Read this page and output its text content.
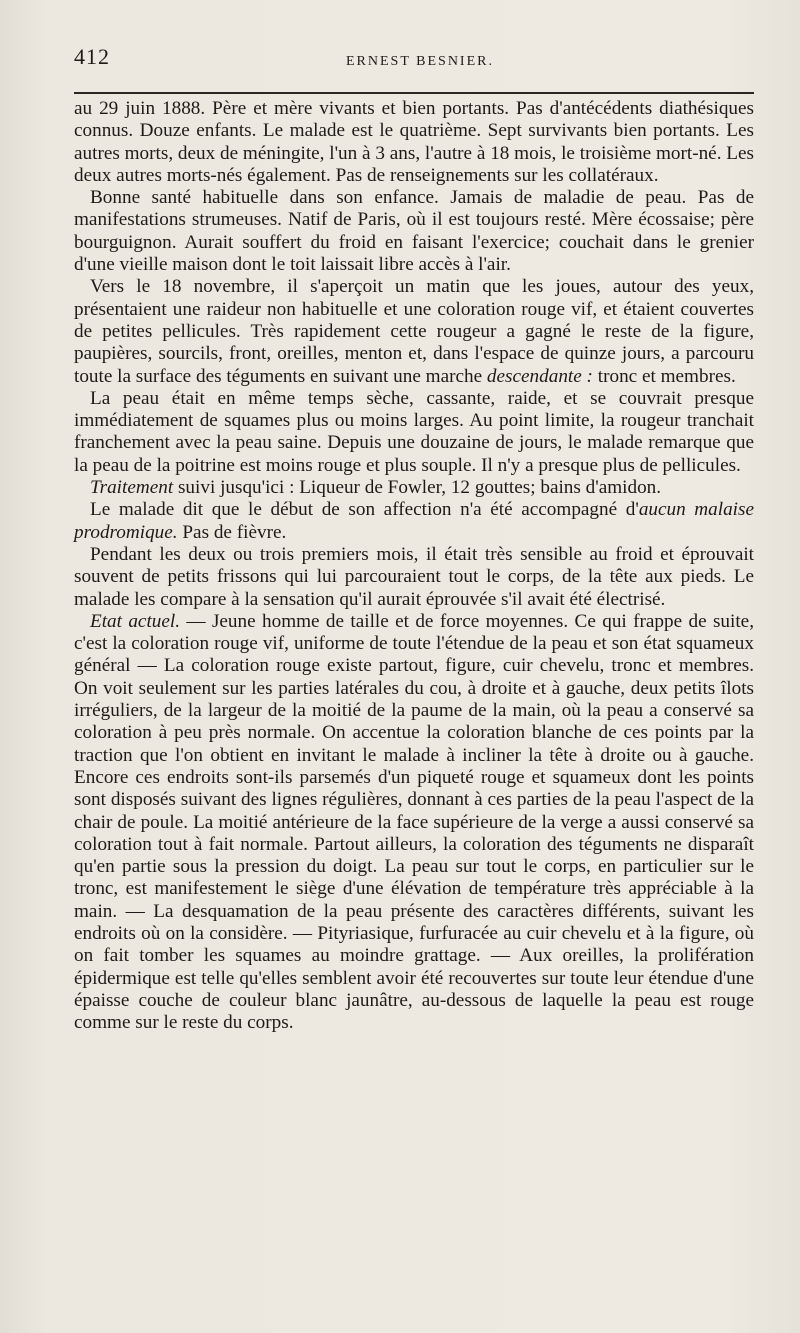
412	ERNEST BESNIER.

au 29 juin 1888. Père et mère vivants et bien portants. Pas d'antécédents diathésiques connus. Douze enfants. Le malade est le quatrième. Sept survivants bien portants. Les autres morts, deux de méningite, l'un à 3 ans, l'autre à 18 mois, le troisième mort-né. Les deux autres morts-nés également. Pas de renseignements sur les collatéraux.

Bonne santé habituelle dans son enfance. Jamais de maladie de peau. Pas de manifestations strumeuses. Natif de Paris, où il est toujours resté. Mère écossaise; père bourguignon. Aurait souffert du froid en faisant l'exercice; couchait dans le grenier d'une vieille maison dont le toit laissait libre accès à l'air.

Vers le 18 novembre, il s'aperçoit un matin que les joues, autour des yeux, présentaient une raideur non habituelle et une coloration rouge vif, et étaient couvertes de petites pellicules. Très rapidement cette rougeur a gagné le reste de la figure, paupières, sourcils, front, oreilles, menton et, dans l'espace de quinze jours, a parcouru toute la surface des téguments en suivant une marche descendante : tronc et membres.

La peau était en même temps sèche, cassante, raide, et se couvrait presque immédiatement de squames plus ou moins larges. Au point limite, la rougeur tranchait franchement avec la peau saine. Depuis une douzaine de jours, le malade remarque que la peau de la poitrine est moins rouge et plus souple. Il n'y a presque plus de pellicules.

Traitement suivi jusqu'ici : Liqueur de Fowler, 12 gouttes; bains d'amidon.

Le malade dit que le début de son affection n'a été accompagné d'aucun malaise prodromique. Pas de fièvre.

Pendant les deux ou trois premiers mois, il était très sensible au froid et éprouvait souvent de petits frissons qui lui parcouraient tout le corps, de la tête aux pieds. Le malade les compare à la sensation qu'il aurait éprouvée s'il avait été électrisé.

Etat actuel. — Jeune homme de taille et de force moyennes. Ce qui frappe de suite, c'est la coloration rouge vif, uniforme de toute l'étendue de la peau et son état squameux général — La coloration rouge existe partout, figure, cuir chevelu, tronc et membres. On voit seulement sur les parties latérales du cou, à droite et à gauche, deux petits îlots irréguliers, de la largeur de la moitié de la paume de la main, où la peau a conservé sa coloration à peu près normale. On accentue la coloration blanche de ces points par la traction que l'on obtient en invitant le malade à incliner la tête à droite ou à gauche. Encore ces endroits sont-ils parsemés d'un piqueté rouge et squameux dont les points sont disposés suivant des lignes régulières, donnant à ces parties de la peau l'aspect de la chair de poule. La moitié antérieure de la face supérieure de la verge a aussi conservé sa coloration tout à fait normale. Partout ailleurs, la coloration des téguments ne disparaît qu'en partie sous la pression du doigt. La peau sur tout le corps, en particulier sur le tronc, est manifestement le siège d'une élévation de température très appréciable à la main. — La desquamation de la peau présente des caractères différents, suivant les endroits où on la considère. — Pityriasique, furfuracée au cuir chevelu et à la figure, où on fait tomber les squames au moindre grattage. — Aux oreilles, la prolifération épidermique est telle qu'elles semblent avoir été recouvertes sur toute leur étendue d'une épaisse couche de couleur blanc jaunâtre, au-dessous de laquelle la peau est rouge comme sur le reste du corps.
